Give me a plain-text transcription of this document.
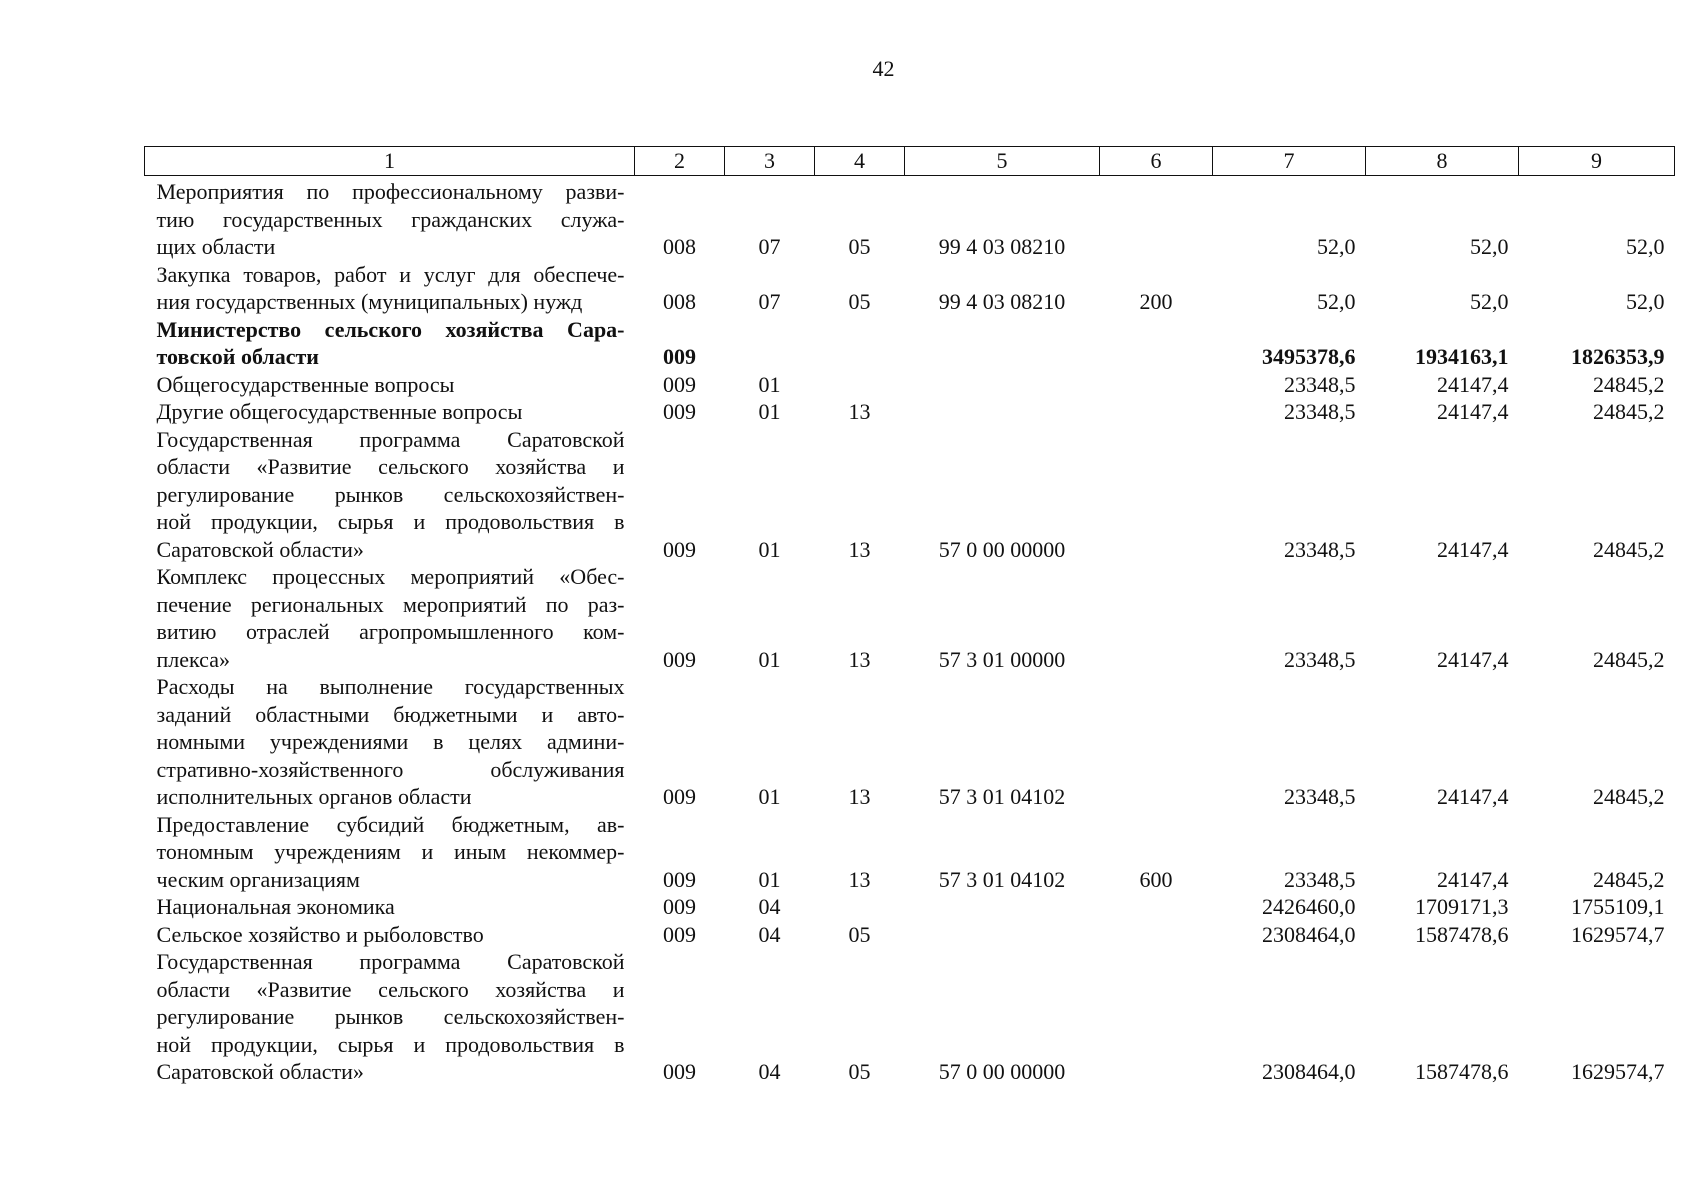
42
1	2	3	4	5	6	7	8	9

Мероприятия по профессиональному разви-
тию государственных гражданских служа-
щих области	008	07	05	99 4 03 08210		52,0	52,0	52,0

Закупка товаров, работ и услуг для обеспече-
ния государственных (муниципальных) нужд	008	07	05	99 4 03 08210	200	52,0	52,0	52,0

Министерство сельского хозяйства Сара-
товской области	009					3495378,6	1934163,1	1826353,9

Общегосударственные вопросы	009	01				23348,5	24147,4	24845,2

Другие общегосударственные вопросы	009	01	13			23348,5	24147,4	24845,2

Государственная программа Саратовской
области «Развитие сельского хозяйства и
регулирование рынков сельскохозяйствен-
ной продукции, сырья и продовольствия в
Саратовской области»	009	01	13	57 0 00 00000		23348,5	24147,4	24845,2

Комплекс процессных мероприятий «Обес-
печение региональных мероприятий по раз-
витию отраслей агропромышленного ком-
плекса»	009	01	13	57 3 01 00000		23348,5	24147,4	24845,2

Расходы на выполнение государственных
заданий областными бюджетными и авто-
номными учреждениями в целях админи-
стративно-хозяйственного обслуживания
исполнительных органов области	009	01	13	57 3 01 04102		23348,5	24147,4	24845,2

Предоставление субсидий бюджетным, ав-
тономным учреждениям и иным некоммер-
ческим организациям	009	01	13	57 3 01 04102	600	23348,5	24147,4	24845,2

Национальная экономика	009	04				2426460,0	1709171,3	1755109,1

Сельское хозяйство и рыболовство	009	04	05			2308464,0	1587478,6	1629574,7

Государственная программа Саратовской
области «Развитие сельского хозяйства и
регулирование рынков сельскохозяйствен-
ной продукции, сырья и продовольствия в
Саратовской области»	009	04	05	57 0 00 00000		2308464,0	1587478,6	1629574,7
